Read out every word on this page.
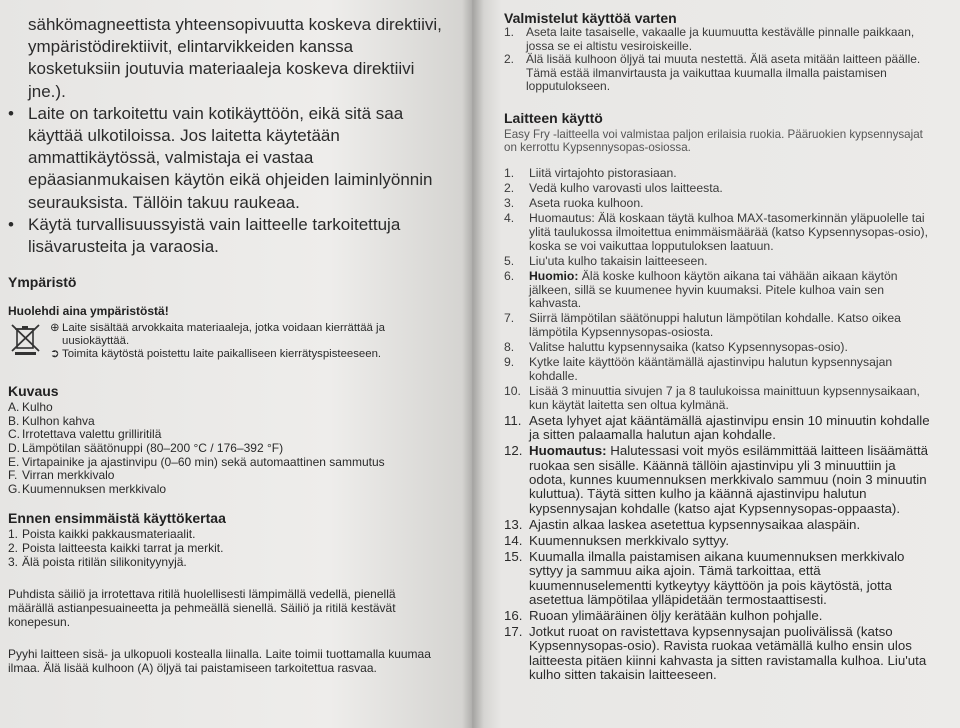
sähkömagneettista yhteensopivuutta koskeva direktiivi, ympäristödirektiivit, elintarvikkeiden kanssa kosketuksiin joutuvia materiaaleja koskeva direktiivi jne.).

• Laite on tarkoitettu vain kotikäyttöön, eikä sitä saa käyttää ulkotiloissa. Jos laitetta käytetään ammattikäytössä, valmistaja ei vastaa epäasianmukaisen käytön eikä ohjeiden laiminlyönnin seurauksista. Tällöin takuu raukeaa.
• Käytä turvallisuussyistä vain laitteelle tarkoitettuja lisävarusteita ja varaosia.
Ympäristö
Huolehdi aina ympäristöstä!
⊕ Laite sisältää arvokkaita materiaaleja, jotka voidaan kierrättää ja uusiokäyttää.
➲ Toimita käytöstä poistettu laite paikalliseen kierrätyspisteeseen.
Kuvaus
A. Kulho
B. Kulhon kahva
C. Irrotettava valettu grilliritilä
D. Lämpötilan säätönuppi (80–200 °C / 176–392 °F)
E. Virtapainike ja ajastinvipu (0–60 min) sekä automaattinen sammutus
F. Virran merkkivalo
G. Kuumennuksen merkkivalo
Ennen ensimmäistä käyttökertaa
1. Poista kaikki pakkausmateriaalit.
2. Poista laitteesta kaikki tarrat ja merkit.
3. Älä poista ritilän silikonityynyjä.

Puhdista säiliö ja irrotettava ritilä huolellisesti lämpimällä vedellä, pienellä määrällä astianpesuaineetta ja pehmeällä sienellä. Säiliö ja ritilä kestävät konepesun.

Pyyhi laitteen sisä- ja ulkopuoli kostealla liinalla. Laite toimii tuottamalla kuumaa ilmaa. Älä lisää kulhoon (A) öljyä tai paistamiseen tarkoitettua rasvaa.

Valmistelut käyttöä varten
1. Aseta laite tasaiselle, vakaalle ja kuumuutta kestävälle pinnalle paikkaan, jossa se ei altistu vesiroiskeille.
2. Älä lisää kulhoon öljyä tai muuta nestettä. Älä aseta mitään laitteen päälle. Tämä estää ilmanvirtausta ja vaikuttaa kuumalla ilmalla paistamisen lopputulokseen.
Laitteen käyttö

Easy Fry -laitteella voi valmistaa paljon erilaisia ruokia. Pääruokien kypsennysajat on kerrottu Kypsennysopas-osiossa.

1.	Liitä virtajohto pistorasiaan.
2.	Vedä kulho varovasti ulos laitteesta.
3.	Aseta ruoka kulhoon.
4.	Huomautus: Älä koskaan täytä kulhoa MAX-tasomerkinnän yläpuolelle tai ylitä taulukossa ilmoitettua enimmäismäärää (katso Kypsennysopas-osio), koska se voi vaikuttaa lopputuloksen laatuun.
5.	Liu'uta kulho takaisin laitteeseen.
6.	Huomio: Älä koske kulhoon käytön aikana tai vähään aikaan käytön jälkeen, sillä se kuumenee hyvin kuumaksi. Pitele kulhoa vain sen kahvasta.
7.	Siirrä lämpötilan säätönuppi halutun lämpötilan kohdalle. Katso oikea lämpötila Kypsennysopas-osiosta.
8.	Valitse haluttu kypsennysaika (katso Kypsennysopas-osio).
9.	Kytke laite käyttöön kääntämällä ajastinvipu halutun kypsennysajan kohdalle.
10. Lisää 3 minuuttia sivujen 7 ja 8 taulukoissa mainittuun kypsennysaikaan, kun käytät laitetta sen oltua kylmänä.
11. Aseta lyhyet ajat kääntämällä ajastinvipu ensin 10 minuutin kohdalle ja sitten palaamalla halutun ajan kohdalle.
12. Huomautus: Halutessasi voit myös esilämmittää laitteen lisäämättä ruokaa sen sisälle. Käännä tällöin ajastinvipu yli 3 minuuttiin ja odota, kunnes kuumennuksen merkkivalo sammuu (noin 3 minuutin kuluttua). Täytä sitten kulho ja käännä ajastinvipu halutun kypsennysajan kohdalle (katso ajat Kypsennysopas-oppaasta).
13. Ajastin alkaa laskea asetettua kypsennysaikaa alaspäin.
14. Kuumennuksen merkkivalo syttyy.
15. Kuumalla ilmalla paistamisen aikana kuumennuksen merkkivalo syttyy ja sammuu aika ajoin. Tämä tarkoittaa, että kuumennuselementti kytkeytyy käyttöön ja pois käytöstä, jotta asetettua lämpötilaa ylläpidetään termostaattisesti.
16. Ruoan ylimääräinen öljy kerätään kulhon pohjalle.
17. Jotkut ruoat on ravistettava kypsennysajan puolivälissä (katso Kypsennysopas-osio). Ravista ruokaa vetämällä kulho ensin ulos laitteesta pitäen kiinni kahvasta ja sitten ravistamalla kulhoa. Liu'uta kulho sitten takaisin laitteeseen.
